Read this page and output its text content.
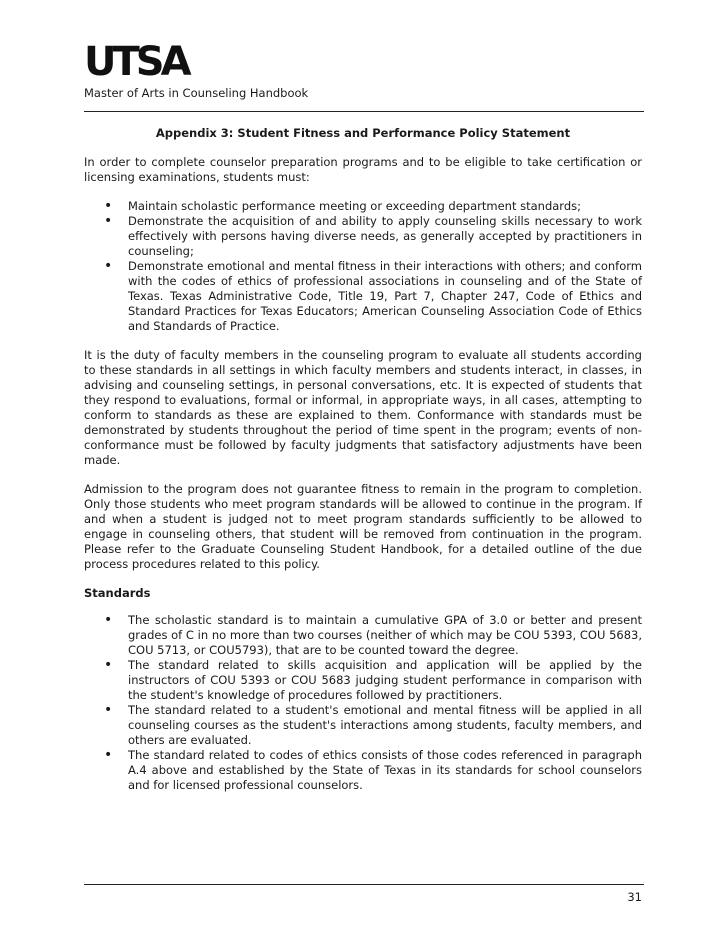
UTSA
Master of Arts in Counseling Handbook
Appendix 3: Student Fitness and Performance Policy Statement

In order to complete counselor preparation programs and to be eligible to take certification or licensing examinations, students must:

• Maintain scholastic performance meeting or exceeding department standards;
• Demonstrate the acquisition of and ability to apply counseling skills necessary to work effectively with persons having diverse needs, as generally accepted by practitioners in counseling;
• Demonstrate emotional and mental fitness in their interactions with others; and conform with the codes of ethics of professional associations in counseling and of the State of Texas. Texas Administrative Code, Title 19, Part 7, Chapter 247, Code of Ethics and Standard Practices for Texas Educators; American Counseling Association Code of Ethics and Standards of Practice.

It is the duty of faculty members in the counseling program to evaluate all students according to these standards in all settings in which faculty members and students interact, in classes, in advising and counseling settings, in personal conversations, etc. It is expected of students that they respond to evaluations, formal or informal, in appropriate ways, in all cases, attempting to conform to standards as these are explained to them. Conformance with standards must be demonstrated by students throughout the period of time spent in the program; events of non-conformance must be followed by faculty judgments that satisfactory adjustments have been made.

Admission to the program does not guarantee fitness to remain in the program to completion. Only those students who meet program standards will be allowed to continue in the program. If and when a student is judged not to meet program standards sufficiently to be allowed to engage in counseling others, that student will be removed from continuation in the program. Please refer to the Graduate Counseling Student Handbook, for a detailed outline of the due process procedures related to this policy.

Standards
• The scholastic standard is to maintain a cumulative GPA of 3.0 or better and present grades of C in no more than two courses (neither of which may be COU 5393, COU 5683, COU 5713, or COU5793), that are to be counted toward the degree.
• The standard related to skills acquisition and application will be applied by the instructors of COU 5393 or COU 5683 judging student performance in comparison with the student's knowledge of procedures followed by practitioners.
• The standard related to a student's emotional and mental fitness will be applied in all counseling courses as the student's interactions among students, faculty members, and others are evaluated.
• The standard related to codes of ethics consists of those codes referenced in paragraph A.4 above and established by the State of Texas in its standards for school counselors and for licensed professional counselors.
31
